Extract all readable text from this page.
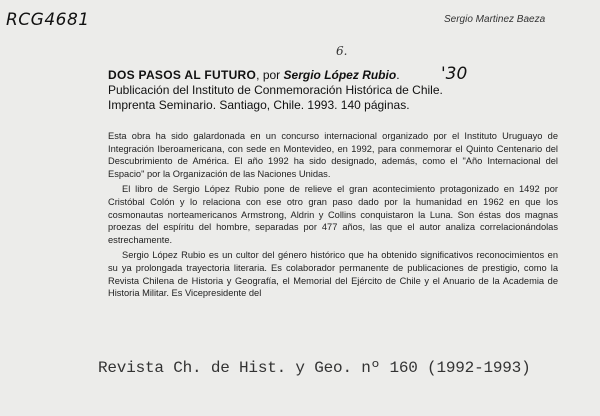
RCG4681	Sergio Martinez Baeza
6.
'30
DOS PASOS AL FUTURO, por Sergio López Rubio.
Publicación del Instituto de Conmemoración Histórica de Chile.
Imprenta Seminario. Santiago, Chile. 1993. 140 páginas.

Esta obra ha sido galardonada en un concurso internacional organizado por el Instituto Uruguayo de Integración Iberoamericana, con sede en Montevideo, en 1992, para conmemorar el Quinto Centenario del Descubrimiento de América. El año 1992 ha sido designado, además, como el "Año Internacional del Espacio" por la Organización de las Naciones Unidas.

El libro de Sergio López Rubio pone de relieve el gran acontecimiento protagonizado en 1492 por Cristóbal Colón y lo relaciona con ese otro gran paso dado por la humanidad en 1962 en que los cosmonautas norteamericanos Armstrong, Aldrin y Collins conquistaron la Luna. Son éstas dos magnas proezas del espíritu del hombre, separadas por 477 años, las que el autor analiza correlacionándolas estrechamente.

Sergio López Rubio es un cultor del género histórico que ha obtenido significativos reconocimientos en su ya prolongada trayectoria literaria. Es colaborador permanente de publicaciones de prestigio, como la Revista Chilena de Historia y Geografía, el Memorial del Ejército de Chile y el Anuario de la Academia de Historia Militar. Es Vicepresidente del

Revista Ch. de Hist. y Geo. nº 160 (1992-1993)
